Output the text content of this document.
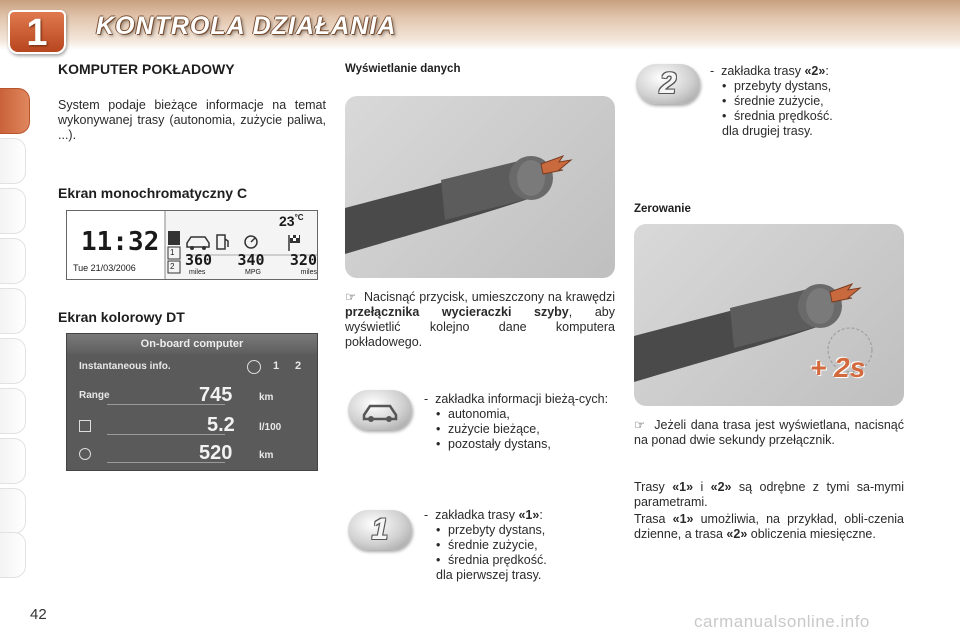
1	KONTROLA DZIAŁANIA
KOMPUTER POKŁADOWY
System podaje bieżące informacje na temat wykonywanej trasy (autonomia, zużycie paliwa, ...).
Ekran monochromatyczny C
11:32
Tue 21/03/2006
$23^{^\circ C}$
360 340 320
miles	MPG	miles
1
2
Ekran kolorowy DT
On-board computer
Instantaneous info.	1 2
Range	745	km
5.2 l/100
520	km
Wyświetlanie danych
☞ Nacisnąć przycisk, umieszczony na krawędzi przełącznika wycieraczki szyby, aby wyświetlić kolejno dane komputera pokładowego.
-  zakładka informacji bieżą-cych:
• autonomia,
• zużycie bieżące,
• pozostały dystans,
1	-  zakładka trasy «1»:
• przebyty dystans,
• średnie zużycie,
• średnia prędkość.
dla pierwszej trasy.
2	-  zakładka trasy «2»:
• przebyty dystans,
• średnie zużycie,
• średnia prędkość.
dla drugiej trasy.
Zerowanie
+ 2s
☞ Jeżeli dana trasa jest wyświetlana, nacisnąć na ponad dwie sekundy przełącznik.
Trasy «1» i «2» są odrębne z tymi sa-mymi parametrami.
Trasa «1» umożliwia, na przykład, obli-czenia dzienne, a trasa «2» obliczenia miesięczne.
42	carmanualsonline.info
